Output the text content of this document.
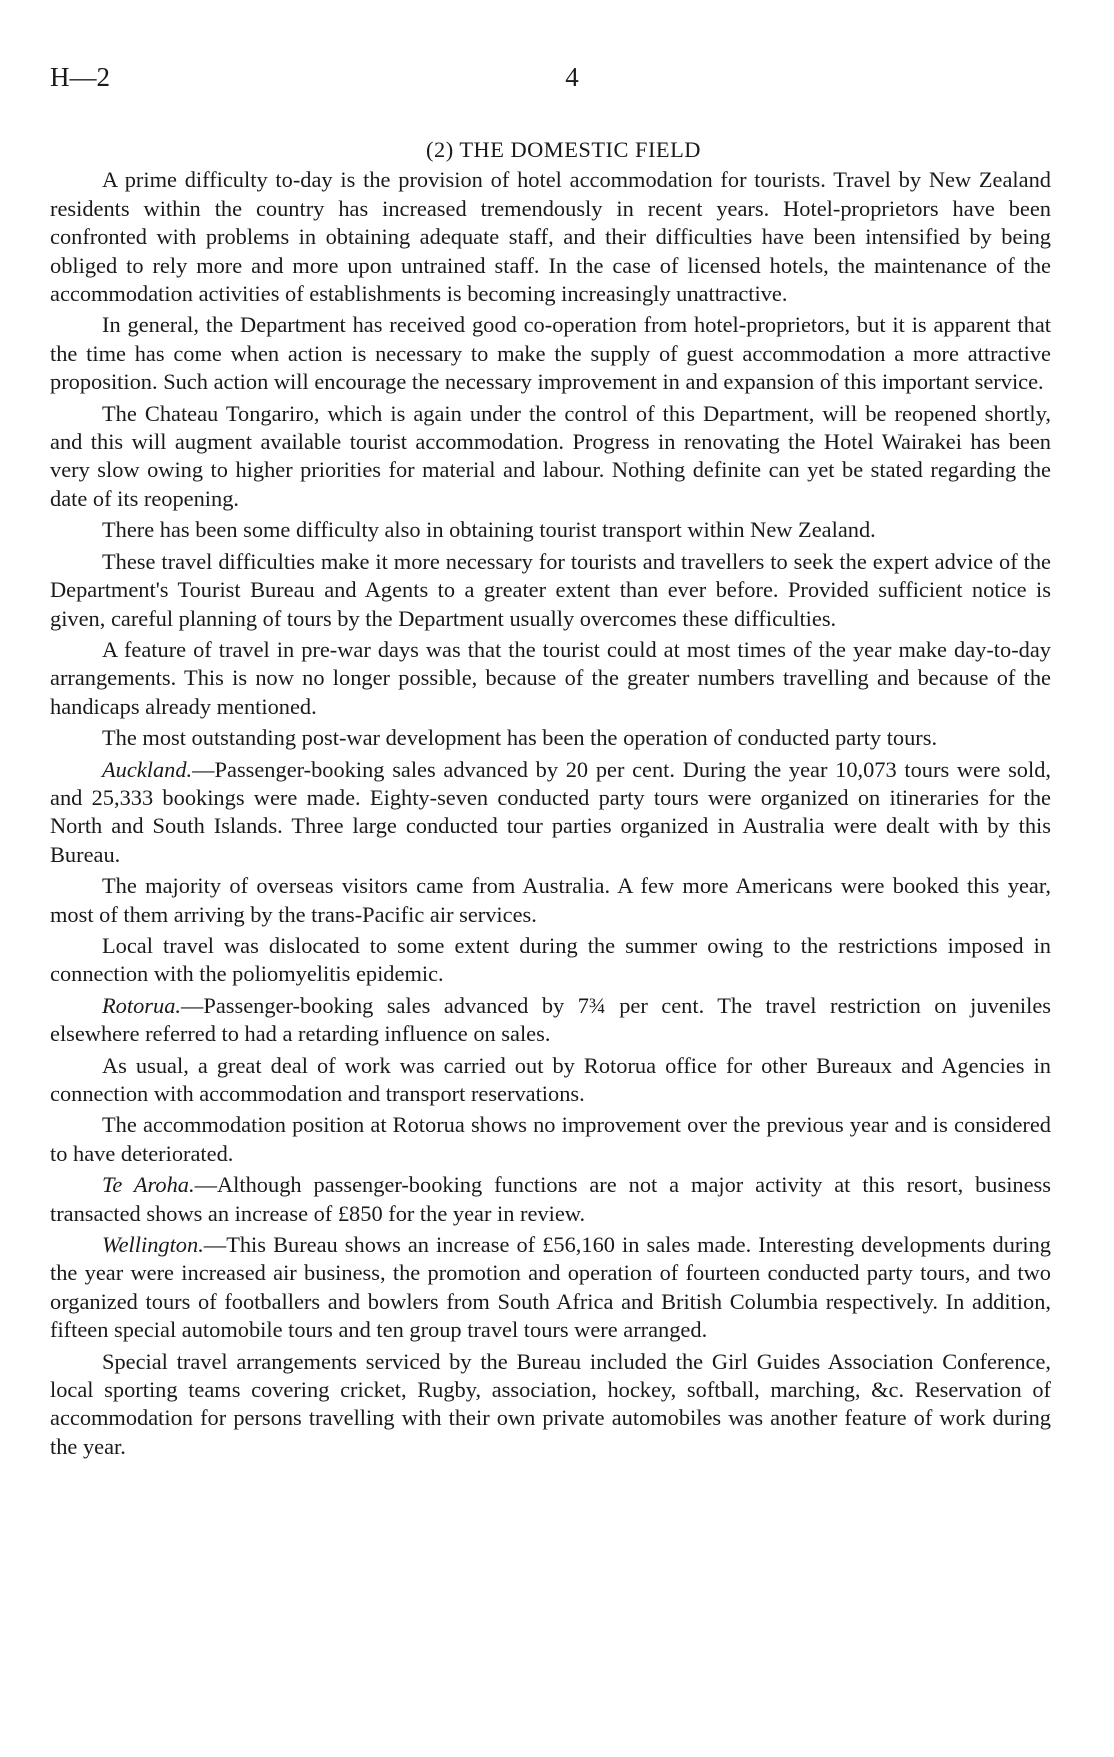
H—2	4
(2) THE DOMESTIC FIELD

A prime difficulty to-day is the provision of hotel accommodation for tourists. Travel by New Zealand residents within the country has increased tremendously in recent years. Hotel-proprietors have been confronted with problems in obtaining adequate staff, and their difficulties have been intensified by being obliged to rely more and more upon untrained staff. In the case of licensed hotels, the maintenance of the accommodation activities of establishments is becoming increasingly unattractive.

In general, the Department has received good co-operation from hotel-proprietors, but it is apparent that the time has come when action is necessary to make the supply of guest accommodation a more attractive proposition. Such action will encourage the necessary improvement in and expansion of this important service.

The Chateau Tongariro, which is again under the control of this Department, will be reopened shortly, and this will augment available tourist accommodation. Progress in renovating the Hotel Wairakei has been very slow owing to higher priorities for material and labour. Nothing definite can yet be stated regarding the date of its reopening.

There has been some difficulty also in obtaining tourist transport within New Zealand.

These travel difficulties make it more necessary for tourists and travellers to seek the expert advice of the Department's Tourist Bureau and Agents to a greater extent than ever before. Provided sufficient notice is given, careful planning of tours by the Department usually overcomes these difficulties.

A feature of travel in pre-war days was that the tourist could at most times of the year make day-to-day arrangements. This is now no longer possible, because of the greater numbers travelling and because of the handicaps already mentioned.

The most outstanding post-war development has been the operation of conducted party tours.

Auckland.—Passenger-booking sales advanced by 20 per cent. During the year 10,073 tours were sold, and 25,333 bookings were made. Eighty-seven conducted party tours were organized on itineraries for the North and South Islands. Three large conducted tour parties organized in Australia were dealt with by this Bureau.

The majority of overseas visitors came from Australia. A few more Americans were booked this year, most of them arriving by the trans-Pacific air services.

Local travel was dislocated to some extent during the summer owing to the restrictions imposed in connection with the poliomyelitis epidemic.

Rotorua.—Passenger-booking sales advanced by 7¾ per cent. The travel restriction on juveniles elsewhere referred to had a retarding influence on sales.

As usual, a great deal of work was carried out by Rotorua office for other Bureaux and Agencies in connection with accommodation and transport reservations.

The accommodation position at Rotorua shows no improvement over the previous year and is considered to have deteriorated.

Te Aroha.—Although passenger-booking functions are not a major activity at this resort, business transacted shows an increase of £850 for the year in review.

Wellington.—This Bureau shows an increase of £56,160 in sales made. Interesting developments during the year were increased air business, the promotion and operation of fourteen conducted party tours, and two organized tours of footballers and bowlers from South Africa and British Columbia respectively. In addition, fifteen special automobile tours and ten group travel tours were arranged.

Special travel arrangements serviced by the Bureau included the Girl Guides Association Conference, local sporting teams covering cricket, Rugby, association, hockey, softball, marching, &c. Reservation of accommodation for persons travelling with their own private automobiles was another feature of work during the year.
